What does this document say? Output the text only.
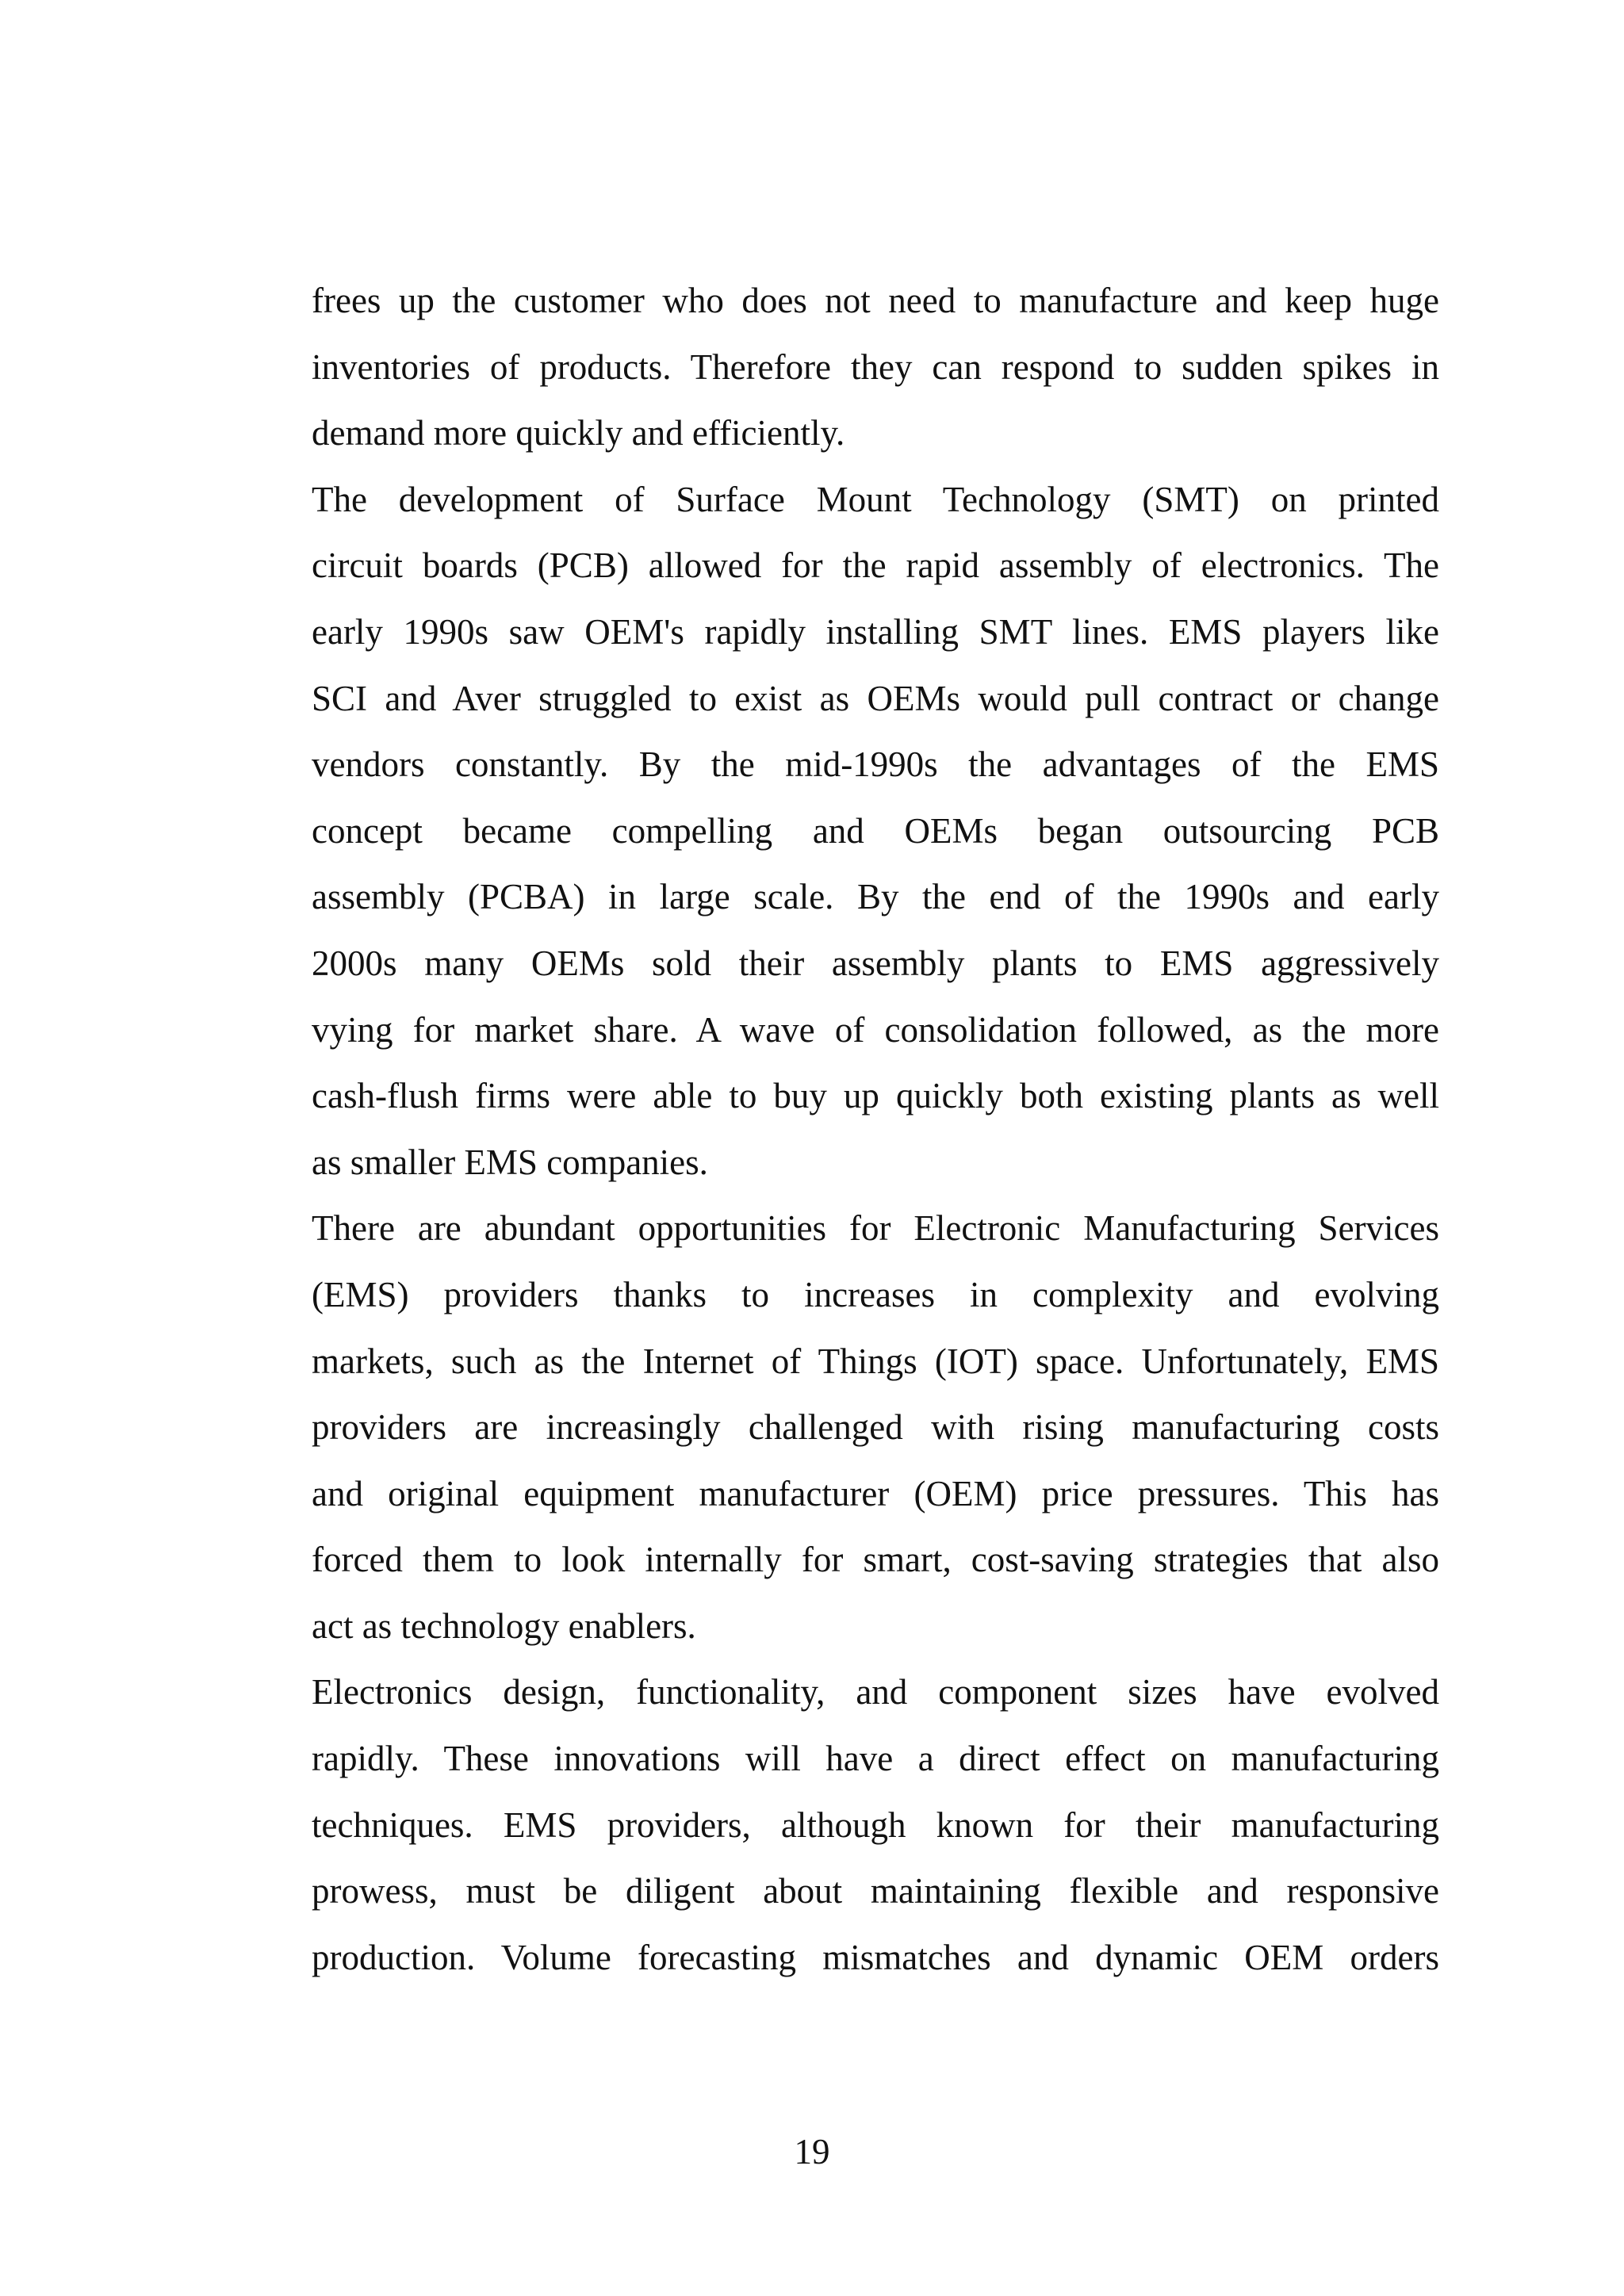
frees up the customer who does not need to manufacture and keep huge
inventories of products. Therefore they can respond to sudden spikes in
demand more quickly and efficiently.
The development of Surface Mount Technology (SMT) on printed
circuit boards (PCB) allowed for the rapid assembly of electronics. The
early 1990s saw OEM's rapidly installing SMT lines. EMS players like
SCI and Aver struggled to exist as OEMs would pull contract or change
vendors constantly. By the mid-1990s the advantages of the EMS
concept became compelling and OEMs began outsourcing PCB
assembly (PCBA) in large scale. By the end of the 1990s and early
2000s many OEMs sold their assembly plants to EMS aggressively
vying for market share. A wave of consolidation followed, as the more
cash-flush firms were able to buy up quickly both existing plants as well
as smaller EMS companies.
There are abundant opportunities for Electronic Manufacturing Services
(EMS) providers thanks to increases in complexity and evolving
markets, such as the Internet of Things (IOT) space. Unfortunately, EMS
providers are increasingly challenged with rising manufacturing costs
and original equipment manufacturer (OEM) price pressures. This has
forced them to look internally for smart, cost-saving strategies that also
act as technology enablers.
Electronics design, functionality, and component sizes have evolved
rapidly. These innovations will have a direct effect on manufacturing
techniques. EMS providers, although known for their manufacturing
prowess, must be diligent about maintaining flexible and responsive
production. Volume forecasting mismatches and dynamic OEM orders
19
